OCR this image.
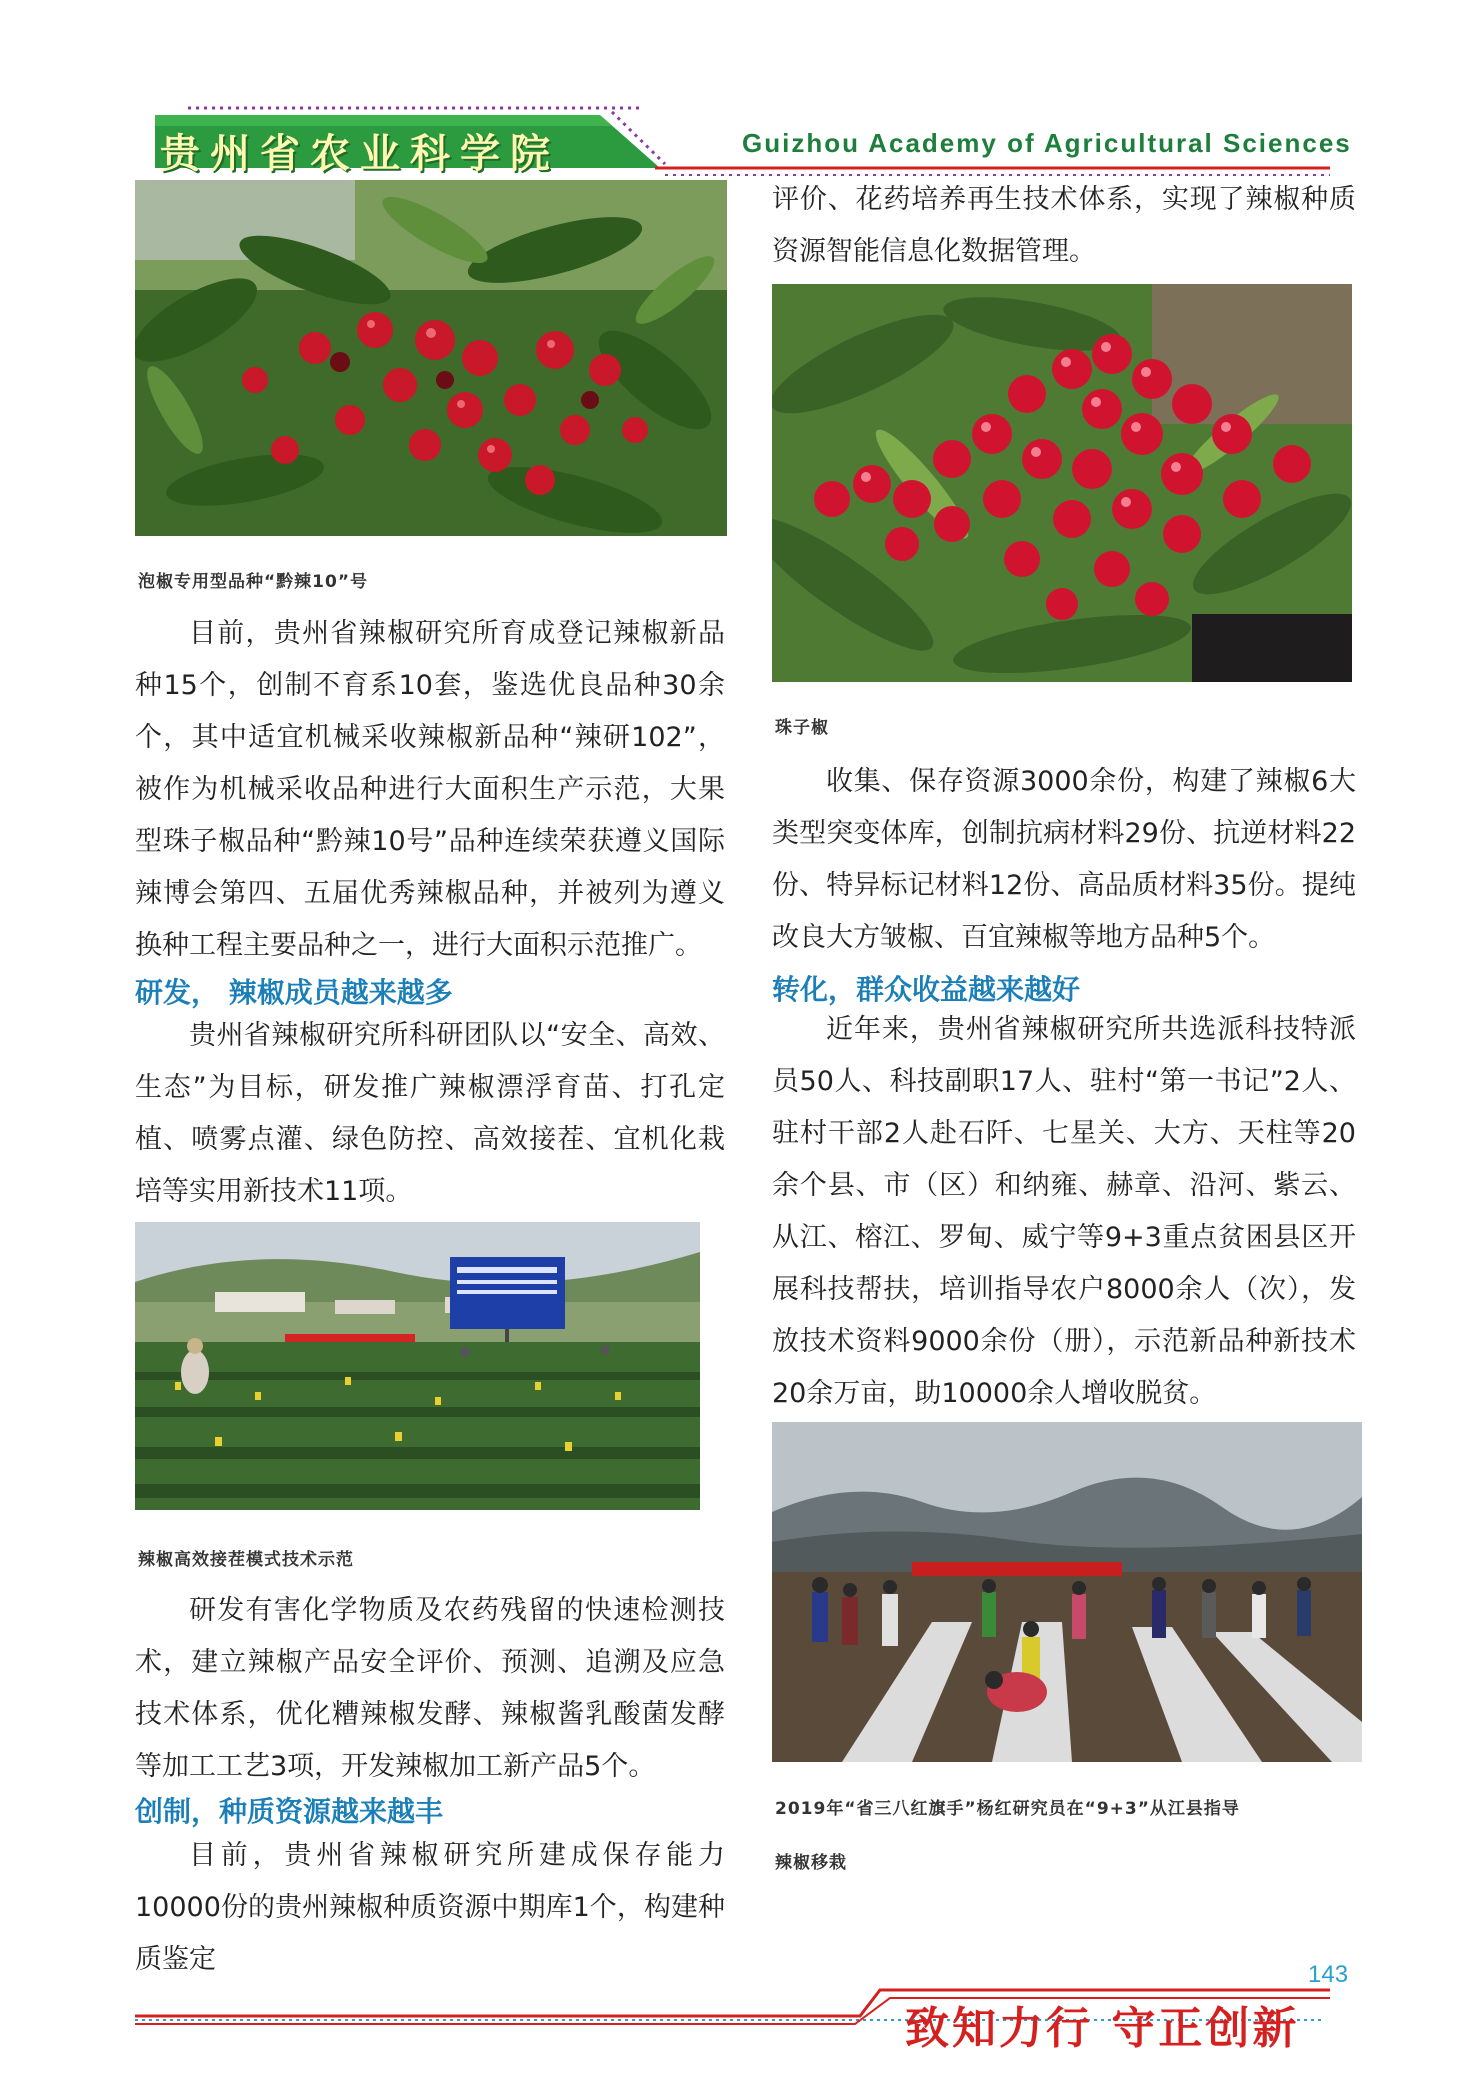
贵州省农业科学院	Guizhou Academy of Agricultural Sciences
泡椒专用型品种“黔辣10”号

目前，贵州省辣椒研究所育成登记辣椒新品种15个，创制不育系10套，鉴选优良品种30余个，其中适宜机械采收辣椒新品种“辣研102”，被作为机械采收品种进行大面积生产示范，大果型珠子椒品种“黔辣10号”品种连续荣获遵义国际辣博会第四、五届优秀辣椒品种，并被列为遵义换种工程主要品种之一，进行大面积示范推广。

研发， 辣椒成员越来越多

贵州省辣椒研究所科研团队以“安全、高效、生态”为目标，研发推广辣椒漂浮育苗、打孔定植、喷雾点灌、绿色防控、高效接茬、宜机化栽培等实用新技术11项。

辣椒高效接茬模式技术示范

研发有害化学物质及农药残留的快速检测技术，建立辣椒产品安全评价、预测、追溯及应急技术体系，优化糟辣椒发酵、辣椒酱乳酸菌发酵等加工工艺3项，开发辣椒加工新产品5个。

创制，种质资源越来越丰

目前，贵州省辣椒研究所建成保存能力10000份的贵州辣椒种质资源中期库1个，构建种质鉴定

评价、花药培养再生技术体系，实现了辣椒种质资源智能信息化数据管理。

珠子椒

收集、保存资源3000余份，构建了辣椒6大类型突变体库，创制抗病材料29份、抗逆材料22份、特异标记材料12份、高品质材料35份。提纯改良大方皱椒、百宜辣椒等地方品种5个。

转化，群众收益越来越好

近年来，贵州省辣椒研究所共选派科技特派员50人、科技副职17人、驻村“第一书记”2人、驻村干部2人赴石阡、七星关、大方、天柱等20余个县、市（区）和纳雍、赫章、沿河、紫云、从江、榕江、罗甸、威宁等9+3重点贫困县区开展科技帮扶，培训指导农户8000余人（次），发放技术资料9000余份（册），示范新品种新技术20余万亩，助10000余人增收脱贫。

2019年“省三八红旗手”杨红研究员在“9+3”从江县指导
辣椒移栽
143
致知力行 守正创新
